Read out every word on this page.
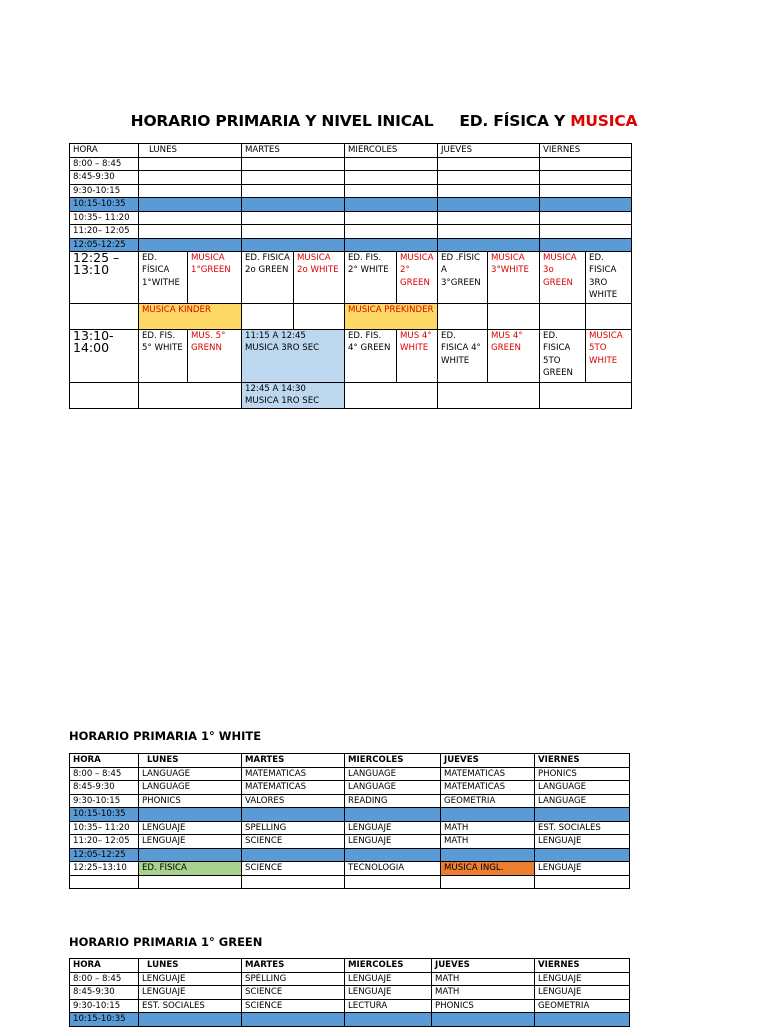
HORARIO PRIMARIA Y NIVEL INICAL ED. FÍSICA Y MUSICA
HORA	LUNES		MARTES		MIERCOLES		JUEVES		VIERNES	
8:00 – 8:45										
8:45-9:30										
9:30-10:15										
10:15-10:35										
10:35– 11:20										
11:20– 12:05										
12:05-12:25										
12:25 – 13:10	ED. FÍSICA 1°WITHE	MÚSICA 1°GREEN	ED. FISICA 2o GREEN	MUSICA 2o WHITE	ED. FIS. 2° WHITE	MUSICA 2° GREEN	ED .FÍSIC A 3°GREEN	MÚSICA 3°WHITE	MÚSICA 3o GREEN	ED. FISICA 3RO WHITE
	MUSICA KINDER				MUSICA PREKINDER					
13:10-14:00	ED. FIS. 5° WHITE	MUS. 5° GRENN	11:15 A 12:45 MUSICA 3RO SEC		ED. FIS. 4° GREEN	MUS 4° WHITE	ED. FISICA 4° WHITE	MUS 4° GREEN	ED. FISICA 5TO GREEN	MUSICA 5TO WHITE
			12:45 A 14:30 MUSICA 1RO SEC							
HORARIO PRIMARIA 1° WHITE
HORA	LUNES	MARTES	MIERCOLES	JUEVES	VIERNES
8:00 – 8:45	LANGUAGE	MATEMATICAS	LANGUAGE	MATEMATICAS	PHONICS
8:45-9:30	LANGUAGE	MATEMATICAS	LANGUAGE	MATEMATICAS	LANGUAGE
9:30-10:15	PHONICS	VALORES	READING	GEOMETRIA	LANGUAGE
10:15-10:35					
10:35– 11:20	LENGUAJE	SPELLING	LENGUAJE	MATH	EST. SOCIALES
11:20– 12:05	LENGUAJE	SCIENCE	LENGUAJE	MATH	LENGUAJE
12:05-12:25					
12:25–13:10	ED. FÍSICA	SCIENCE	TECNOLOGIA	MÚSICA INGL.	LENGUAJE

HORARIO PRIMARIA 1° GREEN
HORA	LUNES	MARTES	MIERCOLES	JUEVES	VIERNES
8:00 – 8:45	LENGUAJE	SPELLING	LENGUAJE	MATH	LENGUAJE
8:45-9:30	LENGUAJE	SCIENCE	LENGUAJE	MATH	LENGUAJE
9:30-10:15	EST. SOCIALES	SCIENCE	LECTURA	PHONICS	GEOMETRIA
10:15-10:35					
